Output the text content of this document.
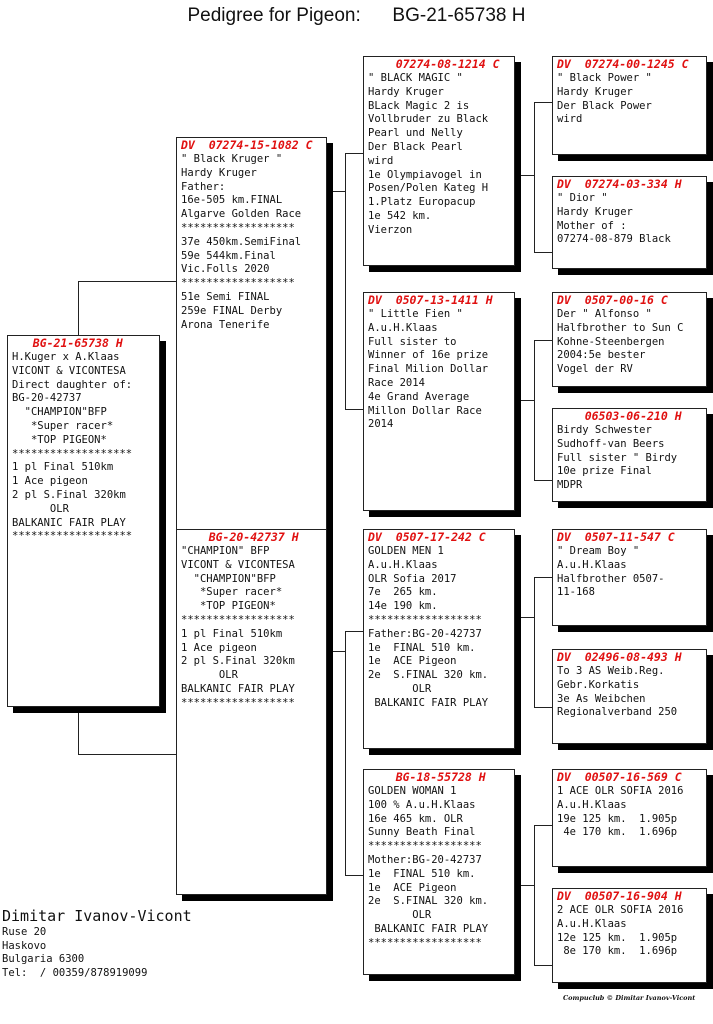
Pedigree for Pigeon: BG-21-65738 H
BG-21-65738 H
H.Kuger x A.Klaas
VICONT & VICONTESA
Direct daughter of:
BG-20-42737
"CHAMPION"BFP
*Super racer*
*TOP PIGEON*
*******************
1 pl Final 510km
1 Ace pigeon
2 pl S.Final 320km
OLR
BALKANIC FAIR PLAY
*******************
DV  07274-15-1082 C
" Black Kruger "
Hardy Kruger
Father:
16e-505 km.FINAL
Algarve Golden Race
******************
37e 450km.SemiFinal
59e 544km.Final
Vic.Folls 2020
******************
51e Semi FINAL
259e FINAL Derby
Arona Tenerife
BG-20-42737 H
"CHAMPION" BFP
VICONT & VICONTESA
"CHAMPION"BFP
*Super racer*
*TOP PIGEON*
******************
1 pl Final 510km
1 Ace pigeon
2 pl S.Final 320km
OLR
BALKANIC FAIR PLAY
******************
07274-08-1214 C
" BLACK MAGIC "
Hardy Kruger
BLack Magic 2 is
Vollbruder zu Black
Pearl und Nelly
Der Black Pearl
wird
1e Olympiavogel in
Posen/Polen Kateg H
1.Platz Europacup
1e 542 km.
Vierzon
DV  0507-13-1411 H
" Little Fien "
A.u.H.Klaas
Full sister to
Winner of 16e prize
Final Milion Dollar
Race 2014
4e Grand Average
Millon Dollar Race
2014
DV  0507-17-242 C
GOLDEN MEN 1
A.u.H.Klaas
OLR Sofia 2017
7e  265 km.
14e 190 km.
******************
Father:BG-20-42737
1e  FINAL 510 km.
1e  ACE Pigeon
2e  S.FINAL 320 km.
OLR
BALKANIC FAIR PLAY
BG-18-55728 H
GOLDEN WOMAN 1
100 % A.u.H.Klaas
16e 465 km. OLR
Sunny Beath Final
******************
Mother:BG-20-42737
1e  FINAL 510 km.
1e  ACE Pigeon
2e  S.FINAL 320 km.
OLR
BALKANIC FAIR PLAY
******************
DV  07274-00-1245 C
" Black Power "
Hardy Kruger
Der Black Power
wird
DV  07274-03-334 H
" Dior "
Hardy Kruger
Mother of :
07274-08-879 Black
DV  0507-00-16 C
Der " Alfonso "
Halfbrother to Sun C
Kohne-Steenbergen
2004:5e bester
Vogel der RV
06503-06-210 H
Birdy Schwester
Sudhoff-van Beers
Full sister " Birdy
10e prize Final
MDPR
DV  0507-11-547 C
" Dream Boy "
A.u.H.Klaas
Halfbrother 0507-
11-168
DV  02496-08-493 H
To 3 AS Weib.Reg.
Gebr.Korkatis
3e As Weibchen
Regionalverband 250
DV  00507-16-569 C
1 ACE OLR SOFIA 2016
A.u.H.Klaas
19e 125 km.  1.905p
4e 170 km.  1.696p
DV  00507-16-904 H
2 ACE OLR SOFIA 2016
A.u.H.Klaas
12e 125 km.  1.905p
8e 170 km.  1.696p
Dimitar Ivanov-Vicont
Ruse 20
Haskovo
Bulgaria 6300
Tel:  / 00359/878919099
Compuclub © Dimitar Ivanov-Vicont
